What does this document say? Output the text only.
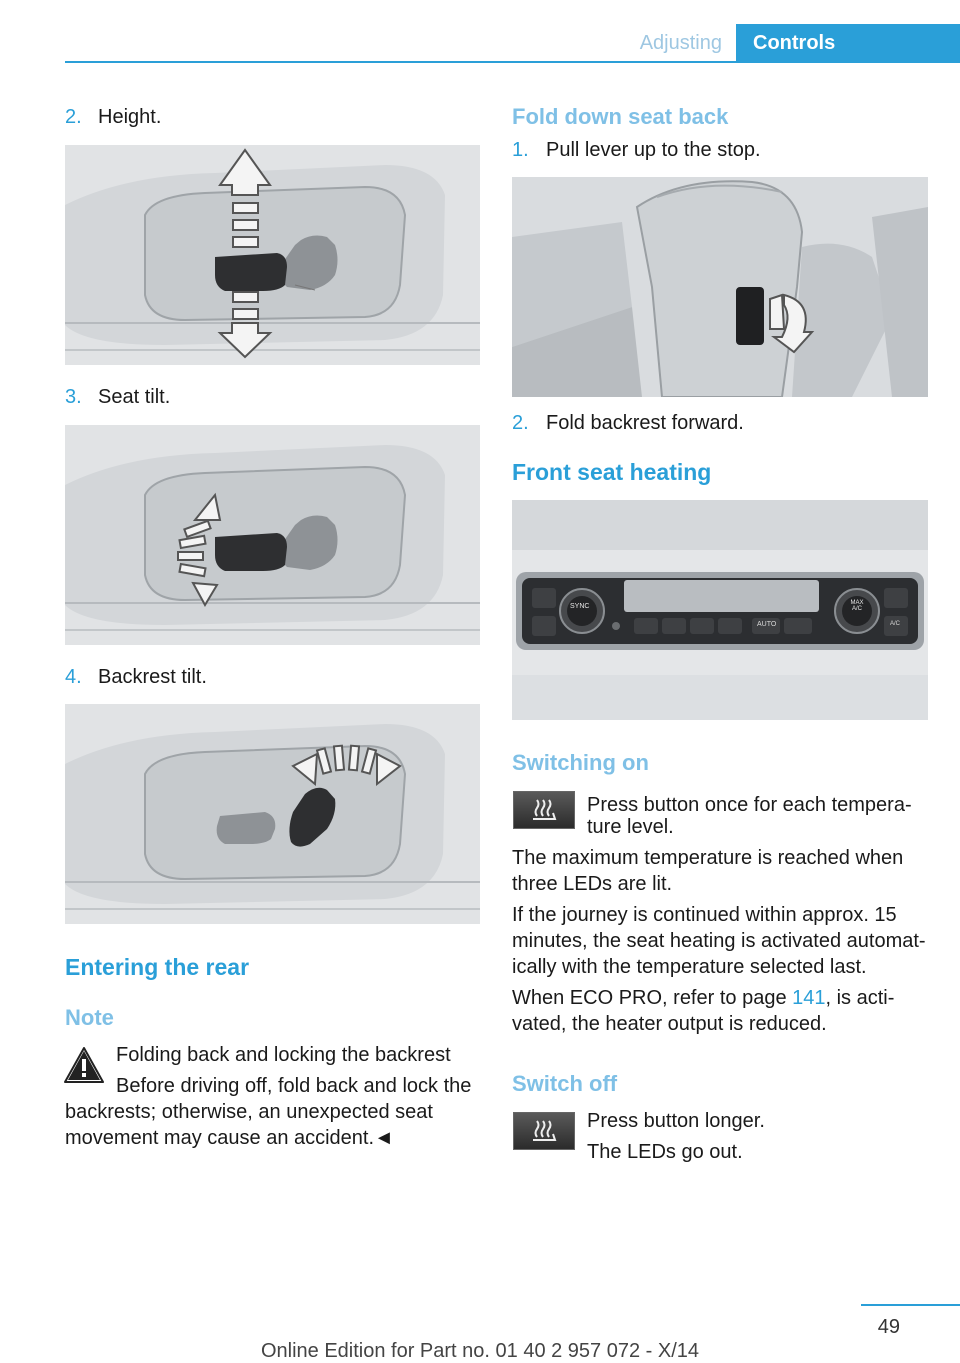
Adjusting	Controls
2. Height.
3. Seat tilt.
4. Backrest tilt.
Entering the rear
Note
Folding back and locking the backrest
Before driving off, fold back and lock the
backrests; otherwise, an unexpected seat
movement may cause an accident.◄
Fold down seat back
1. Pull lever up to the stop.
2. Fold backrest forward.
Front seat heating
SYNC	MAX A/C
AUTO	A/C
Switching on
Press button once for each tempera-
ture level.
The maximum temperature is reached when
three LEDs are lit.
If the journey is continued within approx. 15
minutes, the seat heating is activated automat-
ically with the temperature selected last.
When ECO PRO, refer to page 141, is acti-
vated, the heater output is reduced.
Switch off
Press button longer.
The LEDs go out.
49
Online Edition for Part no. 01 40 2 957 072 - X/14
